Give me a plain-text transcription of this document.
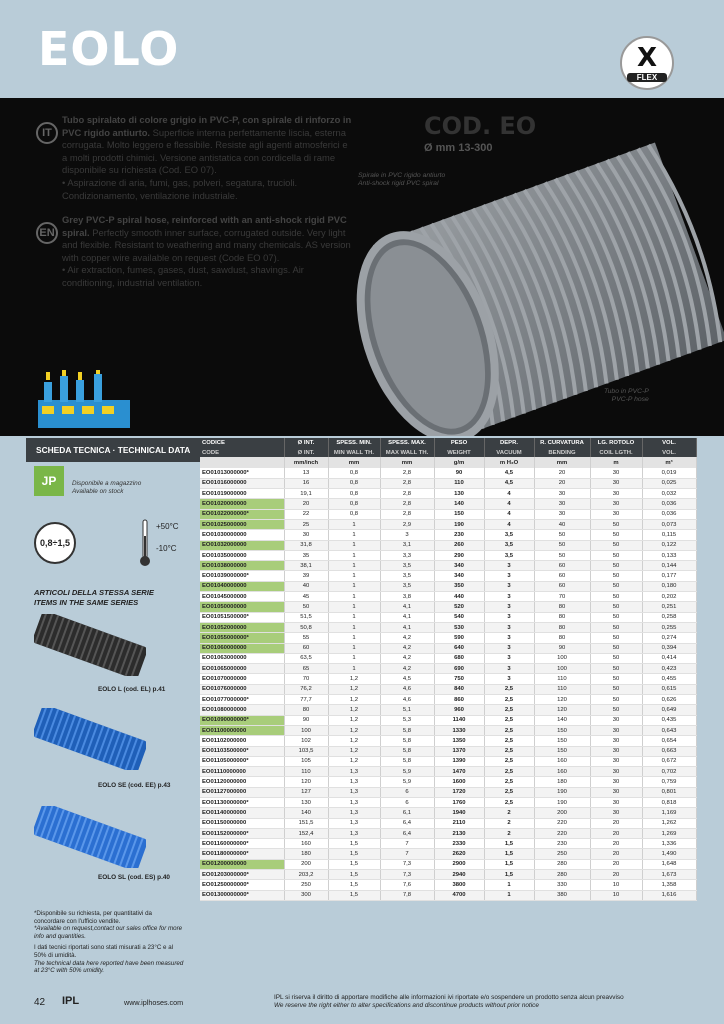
EOLO	X
FLEX
IT
Tubo spiralato di colore grigio in PVC-P, con spirale di rinforzo in PVC rigido antiurto. Superficie interna perfettamente liscia, esterna corrugata. Molto leggero e flessibile. Resiste agli agenti atmosferici e a molti prodotti chimici. Versione antistatica con cordicella di rame disponibile su richiesta (Cod. EO 07).
• Aspirazione di aria, fumi, gas, polveri, segatura, trucioli. Condizionamento, ventilazione industriale.
EN
Grey PVC-P spiral hose, reinforced with an anti-shock rigid PVC spiral. Perfectly smooth inner surface, corrugated outside. Very light and flexible. Resistant to weathering and many chemicals. AS version with copper wire available on request (Code EO 07).
• Air extraction, fumes, gases, dust, sawdust, shavings. Air conditioning, industrial ventilation.
COD. EO
Ø mm 13-300
Spirale in PVC rigido antiurto
Anti-shock rigid PVC spiral
Tubo in PVC-P
PVC-P hose
SCHEDA TECNICA · TECHNICAL DATA
JP	Disponibile a magazzino
Available on stock
0,8÷1,5
+50°C
-10°C
ARTICOLI DELLA STESSA SERIE
ITEMS IN THE SAME SERIES
EOLO L (cod. EL) p.41
EOLO SE (cod. EE) p.43
EOLO SL (cod. ES) p.40
*Disponibile su richiesta, per quantitativi da concordare con l'ufficio vendite.
*Available on request,contact our sales office for more info and quantities.
I dati tecnici riportati sono stati misurati a 23°C e al 50% di umidità.
The technical data here reported have been measured at 23°C with 50% umidity.
CODICE	Ø INT.	SPESS. MIN.	SPESS. MAX.	PESO	DEPR.	R. CURVATURA	LG. ROTOLO	VOL.
CODE	Ø INT.	MIN WALL TH.	MAX WALL TH.	WEIGHT	VACUUM	BENDING	COIL LGTH.	VOL.
	mm/inch	mm	mm	g/m	m H₂O	mm	m	m³
EO01013000000*	13	0,8	2,8	90	4,5	20	30	0,019
EO01016000000	16	0,8	2,8	110	4,5	20	30	0,025
EO01019000000	19,1	0,8	2,8	130	4	30	30	0,032
EO01020000000	20	0,8	2,8	140	4	30	30	0,036
EO01022000000*	22	0,8	2,8	150	4	30	30	0,036
EO01025000000	25	1	2,9	190	4	40	50	0,073
EO01030000000	30	1	3	230	3,5	50	50	0,115
EO01032000000	31,8	1	3,1	260	3,5	50	50	0,122
EO01035000000	35	1	3,3	290	3,5	50	50	0,133
EO01038000000	38,1	1	3,5	340	3	60	50	0,144
EO01039000000*	39	1	3,5	340	3	60	50	0,177
EO01040000000	40	1	3,5	350	3	60	50	0,180
EO01045000000	45	1	3,8	440	3	70	50	0,202
EO01050000000	50	1	4,1	520	3	80	50	0,251
EO01051500000*	51,5	1	4,1	540	3	80	50	0,258
EO01052000000	50,8	1	4,1	530	3	80	50	0,255
EO01055000000*	55	1	4,2	590	3	80	50	0,274
EO01060000000	60	1	4,2	640	3	90	50	0,394
EO01063000000	63,5	1	4,2	680	3	100	50	0,414
EO01065000000	65	1	4,2	690	3	100	50	0,423
EO01070000000	70	1,2	4,5	750	3	110	50	0,455
EO01076000000	76,2	1,2	4,6	840	2,5	110	50	0,615
EO01077000000*	77,7	1,2	4,6	860	2,5	120	50	0,626
EO01080000000	80	1,2	5,1	960	2,5	120	50	0,649
EO01090000000*	90	1,2	5,3	1140	2,5	140	30	0,435
EO01100000000	100	1,2	5,8	1330	2,5	150	30	0,643
EO01102000000	102	1,2	5,8	1350	2,5	150	30	0,654
EO01103500000*	103,5	1,2	5,8	1370	2,5	150	30	0,663
EO01105000000*	105	1,2	5,8	1390	2,5	160	30	0,672
EO01110000000	110	1,3	5,9	1470	2,5	160	30	0,702
EO01120000000	120	1,3	5,9	1600	2,5	180	30	0,759
EO01127000000	127	1,3	6	1720	2,5	190	30	0,801
EO01130000000*	130	1,3	6	1760	2,5	190	30	0,818
EO01140000000	140	1,3	6,1	1940	2	200	30	1,169
EO01150000000	151,5	1,3	6,4	2110	2	220	20	1,262
EO01152000000*	152,4	1,3	6,4	2130	2	220	20	1,269
EO01160000000*	160	1,5	7	2330	1,5	230	20	1,336
EO01180000000*	180	1,5	7	2620	1,5	250	20	1,490
EO01200000000	200	1,5	7,3	2900	1,5	280	20	1,648
EO01203000000*	203,2	1,5	7,3	2940	1,5	280	20	1,673
EO01250000000*	250	1,5	7,6	3800	1	330	10	1,358
EO01300000000*	300	1,5	7,8	4700	1	380	10	1,616
42 IPL	www.iplhoses.com
IPL si riserva il diritto di apportare modifiche alle informazioni ivi riportate e/o sospendere un prodotto senza alcun preavviso
We reserve the right either to alter specifications and discontinue products without prior notice
